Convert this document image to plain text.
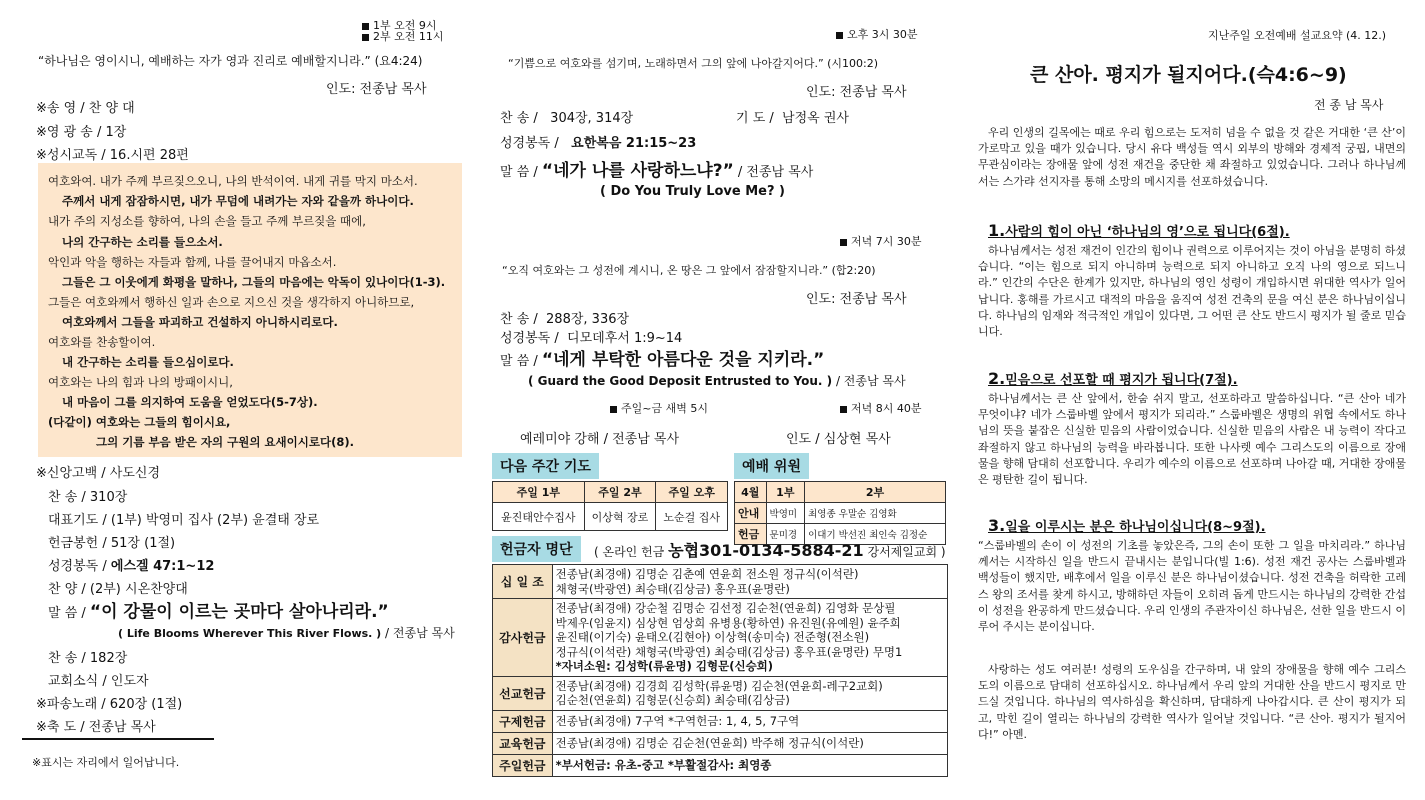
1부 오전 9시
2부 오전 11시
“하나님은 영이시니, 예배하는 자가 영과 진리로 예배할지니라.” (요4:24)
인도: 전종남 목사
※송 영 / 찬 양 대
※영 광 송 / 1장
※성시교독 / 16.시편 28편
여호와여. 내가 주께 부르짖으오니, 나의 반석이여. 내게 귀를 막지 마소서.
주께서 내게 잠잠하시면, 내가 무덤에 내려가는 자와 같을까 하나이다.
내가 주의 지성소를 향하여, 나의 손을 들고 주께 부르짖을 때에,
나의 간구하는 소리를 들으소서.
악인과 악을 행하는 자들과 함께, 나를 끌어내지 마옵소서.
그들은 그 이웃에게 화평을 말하나, 그들의 마음에는 악독이 있나이다(1-3).
그들은 여호와께서 행하신 일과 손으로 지으신 것을 생각하지 아니하므로,
여호와께서 그들을 파괴하고 건설하지 아니하시리로다.
여호와를 찬송할이여.
내 간구하는 소리를 들으심이로다.
여호와는 나의 힘과 나의 방패이시니,
내 마음이 그를 의지하여 도움을 얻었도다(5-7상).
(다같이) 여호와는 그들의 힘이시요,
그의 기름 부음 받은 자의 구원의 요새이시로다(8).
※신앙고백 / 사도신경
찬 송 / 310장
대표기도 / (1부) 박영미 집사 (2부) 윤결태 장로
헌금봉헌 / 51장 (1절)
성경봉독 / 에스겔 47:1~12
찬 양 / (2부) 시온찬양대
말 씀 / “이 강물이 이르는 곳마다 살아나리라.”
( Life Blooms Wherever This River Flows. ) / 전종남 목사
찬 송 / 182장
교회소식 / 인도자
※파송노래 / 620장 (1절)
※축 도 / 전종남 목사
※표시는 자리에서 일어납니다.
오후 3시 30분
“기쁨으로 여호와를 섬기며, 노래하면서 그의 앞에 나아갈지어다.” (시100:2)
인도: 전종남 목사
찬 송 / 304장, 314장	기 도 / 남정옥 권사
성경봉독 / 요한복음 21:15~23
말 씀 / “네가 나를 사랑하느냐?” / 전종남 목사
( Do You Truly Love Me? )
저녁 7시 30분
“오직 여호와는 그 성전에 계시니, 온 땅은 그 앞에서 잠잠할지니라.” (합2:20)
인도: 전종남 목사
찬 송 / 288장, 336장
성경봉독 / 디모데후서 1:9~14
말 씀 / “네게 부탁한 아름다운 것을 지키라.”
( Guard the Good Deposit Entrusted to You. ) / 전종남 목사
주일~금 새벽 5시	저녁 8시 40분
예레미야 강해 / 전종남 목사	인도 / 심상현 목사
다음 주간 기도	예배 위원
주일 1부	주일 2부	주일 오후
윤진태안수집사	이상혁 장로	노순걸 집사
4월	1부	2부
안내	박영미	최영종 우말순 김영화
헌금	문미경	이대기 박선진 최인숙 김정순
헌금자 명단	( 온라인 헌금 농협301-0134-5884-21 강서제일교회 )
십 일 조	전종남(최경애) 김명순 김춘예 연윤희 전소원 정규식(이석란)
채형국(박광연) 최승태(김상금) 홍우표(윤명란)

감사헌금	전종남(최경애) 강순철 김명순 김선정 김순천(연윤희) 김영화 문상필
박제우(임윤지) 심상현 엄상희 유병용(황하연) 유진원(유예원) 윤주희
윤진태(이기숙) 윤태오(김현아) 이상혁(송미숙) 전준형(전소원)
정규식(이석란) 채형국(박광연) 최승태(김상금) 홍우표(윤명란) 무명1
*자녀소원: 김성학(류윤명) 김형문(신승희)

선교헌금	전종남(최경애) 김경희 김성학(류윤명) 김순천(연윤희-레구2교회)
김순천(연윤희) 김형문(신승희) 최승태(김상금)

구제헌금	전종남(최경애) 7구역 *구역헌금: 1, 4, 5, 7구역
교육헌금	전종남(최경애) 김명순 김순천(연윤희) 박주해 정규식(이석란)
주일헌금	*부서헌금: 유초-중고 *부활절감사: 최영종
지난주일 오전예배 설교요약 (4. 12.)
큰 산아. 평지가 될지어다.(슥4:6~9)
전 종 남 목사

우리 인생의 길목에는 때로 우리 힘으로는 도저히 넘을 수 없을 것 같은 거대한 ‘큰 산’이 가로막고 있을 때가 있습니다. 당시 유다 백성들 역시 외부의 방해와 경제적 궁핍, 내면의 무관심이라는 장애물 앞에 성전 재건을 중단한 채 좌절하고 있었습니다. 그러나 하나님께서는 스가랴 선지자를 통해 소망의 메시지를 선포하셨습니다.

1.사람의 힘이 아닌 ‘하나님의 영’으로 됩니다(6절).

하나님께서는 성전 재건이 인간의 힘이나 권력으로 이루어지는 것이 아님을 분명히 하셨습니다. “이는 힘으로 되지 아니하며 능력으로 되지 아니하고 오직 나의 영으로 되느니라.” 인간의 수단은 한계가 있지만, 하나님의 영인 성령이 개입하시면 위대한 역사가 일어납니다. 홍해를 가르시고 대적의 마음을 움직여 성전 건축의 문을 여신 분은 하나님이십니다. 하나님의 임재와 적극적인 개입이 있다면, 그 어떤 큰 산도 반드시 평지가 될 줄로 믿습니다.

2.믿음으로 선포할 때 평지가 됩니다(7절).

하나님께서는 큰 산 앞에서, 한숨 쉬지 말고, 선포하라고 말씀하십니다. “큰 산아 네가 무엇이냐? 네가 스룹바벨 앞에서 평지가 되리라.” 스룹바벨은 생명의 위협 속에서도 하나님의 뜻을 붙잡은 신실한 믿음의 사람이었습니다. 신실한 믿음의 사람은 내 능력이 작다고 좌절하지 않고 하나님의 능력을 바라봅니다. 또한 나사렛 예수 그리스도의 이름으로 장애물을 향해 담대히 선포합니다. 우리가 예수의 이름으로 선포하며 나아갈 때, 거대한 장애물은 평탄한 길이 됩니다.

3.일을 이루시는 분은 하나님이십니다(8~9절).

“스룹바벨의 손이 이 성전의 기초를 놓았은즉, 그의 손이 또한 그 일을 마치리라.” 하나님께서는 시작하신 일을 반드시 끝내시는 분입니다(빌 1:6). 성전 재건 공사는 스룹바벨과 백성들이 했지만, 배후에서 일을 이루신 분은 하나님이셨습니다. 성전 건축을 허락한 고레스 왕의 조서를 찾게 하시고, 방해하던 자들이 오히려 돕게 만드시는 하나님의 강력한 간섭이 성전을 완공하게 만드셨습니다. 우리 인생의 주관자이신 하나님은, 선한 일을 반드시 이루어 주시는 분이십니다.

사랑하는 성도 여러분! 성령의 도우심을 간구하며, 내 앞의 장애물을 향해 예수 그리스도의 이름으로 담대히 선포하십시오. 하나님께서 우리 앞의 거대한 산을 반드시 평지로 만드실 것입니다. 하나님의 역사하심을 확신하며, 담대하게 나아갑시다. 큰 산이 평지가 되고, 막힌 길이 열리는 하나님의 강력한 역사가 일어날 것입니다. “큰 산아. 평지가 될지어다!” 아멘.
